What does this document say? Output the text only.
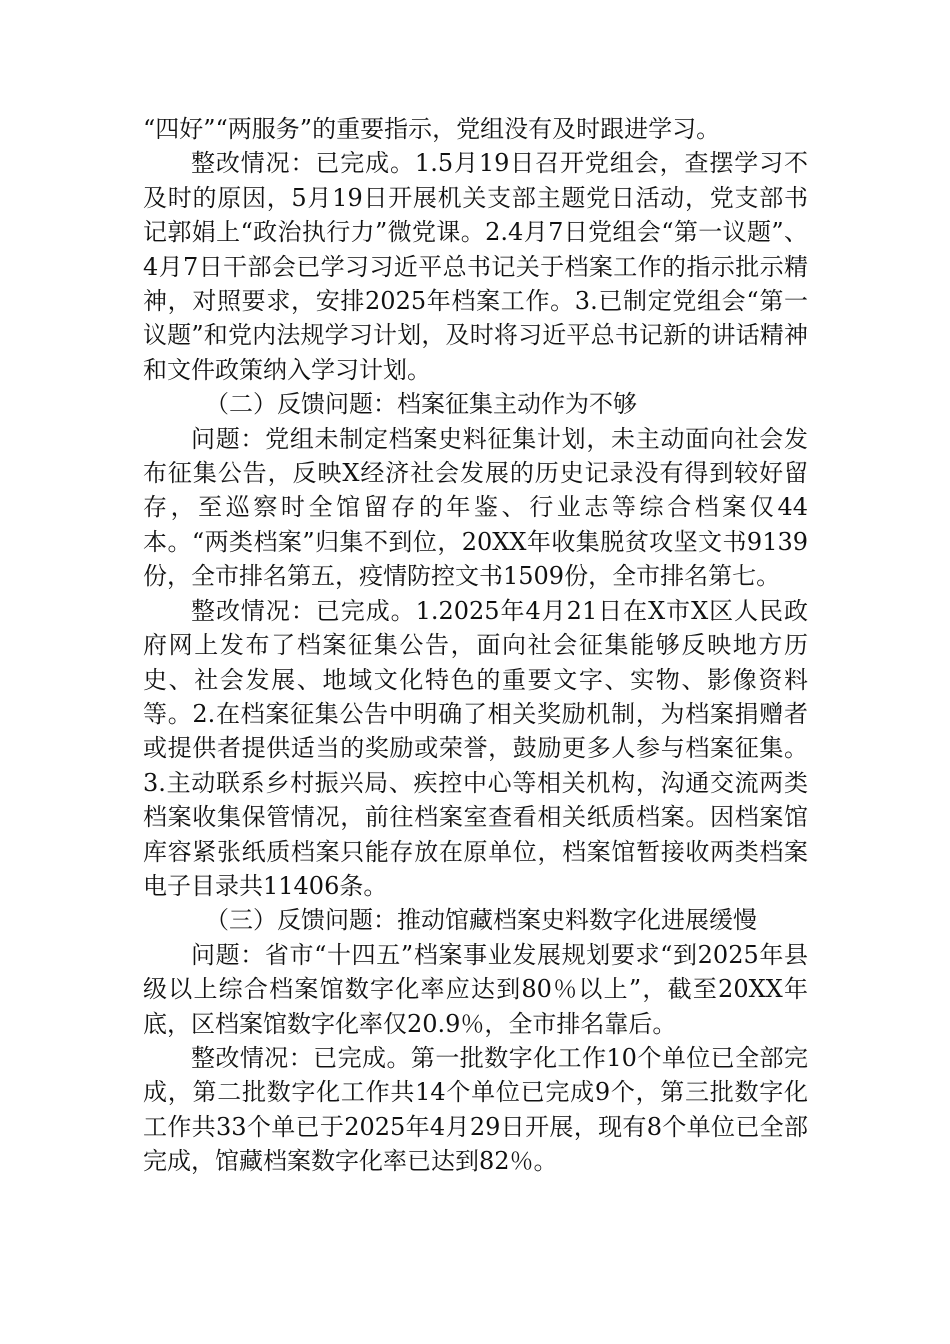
“四好”“两服务”的重要指示，党组没有及时跟进学习。

整改情况：已完成。1.5月19日召开党组会，查摆学习不及时的原因，5月19日开展机关支部主题党日活动，党支部书记郭娟上“政治执行力”微党课。2.4月7日党组会“第一议题”、4月7日干部会已学习习近平总书记关于档案工作的指示批示精神，对照要求，安排2025年档案工作。3.已制定党组会“第一议题”和党内法规学习计划，及时将习近平总书记新的讲话精神和文件政策纳入学习计划。

（二）反馈问题：档案征集主动作为不够

问题：党组未制定档案史料征集计划，未主动面向社会发布征集公告，反映X经济社会发展的历史记录没有得到较好留存，至巡察时全馆留存的年鉴、行业志等综合档案仅44本。“两类档案”归集不到位，20XX年收集脱贫攻坚文书9139份，全市排名第五，疫情防控文书1509份，全市排名第七。

整改情况：已完成。1.2025年4月21日在X市X区人民政府网上发布了档案征集公告，面向社会征集能够反映地方历史、社会发展、地域文化特色的重要文字、实物、影像资料等。2.在档案征集公告中明确了相关奖励机制，为档案捐赠者或提供者提供适当的奖励或荣誉，鼓励更多人参与档案征集。3.主动联系乡村振兴局、疾控中心等相关机构，沟通交流两类档案收集保管情况，前往档案室查看相关纸质档案。因档案馆库容紧张纸质档案只能存放在原单位，档案馆暂接收两类档案电子目录共11406条。

（三）反馈问题：推动馆藏档案史料数字化进展缓慢

问题：省市“十四五”档案事业发展规划要求“到2025年县级以上综合档案馆数字化率应达到80％以上”，截至20XX年底，区档案馆数字化率仅20.9％，全市排名靠后。

整改情况：已完成。第一批数字化工作10个单位已全部完成，第二批数字化工作共14个单位已完成9个，第三批数字化工作共33个单已于2025年4月29日开展，现有8个单位已全部完成，馆藏档案数字化率已达到82％。
